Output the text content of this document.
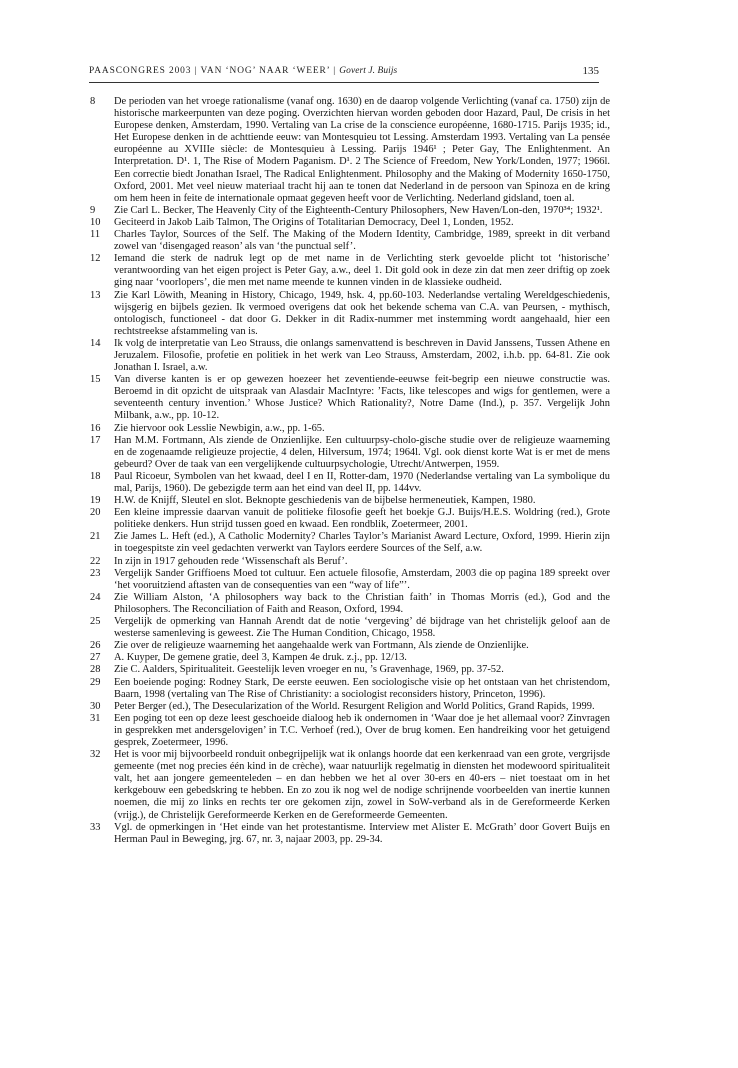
PAASCONGRES 2003 | VAN ‘NOG’ NAAR ‘WEER’ | Govert J. Buijs	135
8 De perioden van het vroege rationalisme (vanaf ong. 1630) en de daarop volgende Verlichting (vanaf ca. 1750) zijn de historische markeerpunten van deze poging. Overzichten hiervan worden geboden door Hazard, Paul, De crisis in het Europese denken, Amsterdam, 1990. Vertaling van La crise de la conscience européenne, 1680-1715. Parijs 1935; id., Het Europese denken in de achttiende eeuw: van Montesquieu tot Lessing. Amsterdam 1993. Vertaling van La pensée européenne au XVIIIe siècle: de Montesquieu à Lessing. Parijs 1946¹ ; Peter Gay, The Enlightenment. An Interpretation. D¹. 1, The Rise of Modern Paganism. D¹. 2 The Science of Freedom, New York/Londen, 1977; 1966l. Een correctie biedt Jonathan Israel, The Radical Enlightenment. Philosophy and the Making of Modernity 1650-1750, Oxford, 2001. Met veel nieuw materiaal tracht hij aan te tonen dat Nederland in de persoon van Spinoza en de kring om hem heen in feite de internationale opmaat gegeven heeft voor de Verlichting. Nederland gidsland, toen al.
9 Zie Carl L. Becker, The Heavenly City of the Eighteenth-Century Philosophers, New Haven/Lon-den, 1970³⁴; 1932¹.
10 Geciteerd in Jakob Laib Talmon, The Origins of Totalitarian Democracy, Deel 1, Londen, 1952.
11 Charles Taylor, Sources of the Self. The Making of the Modern Identity, Cambridge, 1989, spreekt in dit verband zowel van ‘disengaged reason’ als van ‘the punctual self’.
12 Iemand die sterk de nadruk legt op de met name in de Verlichting sterk gevoelde plicht tot ‘historische’ verantwoording van het eigen project is Peter Gay, a.w., deel 1. Dit gold ook in deze zin dat men zeer driftig op zoek ging naar ‘voorlopers’, die men met name meende te kunnen vinden in de klassieke oudheid.
13 Zie Karl Löwith, Meaning in History, Chicago, 1949, hsk. 4, pp.60-103. Nederlandse vertaling Wereldgeschiedenis, wijsgerig en bijbels gezien. Ik vermoed overigens dat ook het bekende schema van C.A. van Peursen, - mythisch, ontologisch, functioneel - dat door G. Dekker in dit Radix-nummer met instemming wordt aangehaald, hier een rechtstreekse afstammeling van is.
14 Ik volg de interpretatie van Leo Strauss, die onlangs samenvattend is beschreven in David Janssens, Tussen Athene en Jeruzalem. Filosofie, profetie en politiek in het werk van Leo Strauss, Amsterdam, 2002, i.h.b. pp. 64-81. Zie ook Jonathan I. Israel, a.w.
15 Van diverse kanten is er op gewezen hoezeer het zeventiende-eeuwse feit-begrip een nieuwe constructie was. Beroemd in dit opzicht de uitspraak van Alasdair MacIntyre: ’Facts, like telescopes and wigs for gentlemen, were a seventeenth century invention.’ Whose Justice? Which Rationality?, Notre Dame (Ind.), p. 357. Vergelijk John Milbank, a.w., pp. 10-12.
16 Zie hiervoor ook Lesslie Newbigin, a.w., pp. 1-65.
17 Han M.M. Fortmann, Als ziende de Onzienlijke. Een cultuurpsy-cholo-gische studie over de religieuze waarneming en de zogenaamde religieuze projectie, 4 delen, Hilversum, 1974; 1964l. Vgl. ook dienst korte Wat is er met de mens gebeurd? Over de taak van een vergelijkende cultuurpsychologie, Utrecht/Antwerpen, 1959.
18 Paul Ricoeur, Symbolen van het kwaad, deel I en II, Rotter-dam, 1970 (Nederlandse vertaling van La symbolique du mal, Parijs, 1960). De gebezigde term aan het eind van deel II, pp. 144vv.
19 H.W. de Knijff, Sleutel en slot. Beknopte geschiedenis van de bijbelse hermeneutiek, Kampen, 1980.
20 Een kleine impressie daarvan vanuit de politieke filosofie geeft het boekje G.J. Buijs/H.E.S. Woldring (red.), Grote politieke denkers. Hun strijd tussen goed en kwaad. Een rondblik, Zoetermeer, 2001.
21 Zie James L. Heft (ed.), A Catholic Modernity? Charles Taylor’s Marianist Award Lecture, Oxford, 1999. Hierin zijn in toegespitste zin veel gedachten verwerkt van Taylors eerdere Sources of the Self, a.w.
22 In zijn in 1917 gehouden rede ‘Wissenschaft als Beruf’.
23 Vergelijk Sander Griffioens Moed tot cultuur. Een actuele filosofie, Amsterdam, 2003 die op pagina 189 spreekt over ‘het vooruitziend aftasten van de consequenties van een “way of life”’.
24 Zie William Alston, ‘A philosophers way back to the Christian faith’ in Thomas Morris (ed.), God and the Philosophers. The Reconciliation of Faith and Reason, Oxford, 1994.
25 Vergelijk de opmerking van Hannah Arendt dat de notie ‘vergeving’ dé bijdrage van het christelijk geloof aan de westerse samenleving is geweest. Zie The Human Condition, Chicago, 1958.
26 Zie over de religieuze waarneming het aangehaalde werk van Fortmann, Als ziende de Onzienlijke.
27 A. Kuyper, De gemene gratie, deel 3, Kampen 4e druk. z.j., pp. 12/13.
28 Zie C. Aalders, Spiritualiteit. Geestelijk leven vroeger en nu, ’s Gravenhage, 1969, pp. 37-52.
29 Een boeiende poging: Rodney Stark, De eerste eeuwen. Een sociologische visie op het ontstaan van het christendom, Baarn, 1998 (vertaling van The Rise of Christianity: a sociologist reconsiders history, Princeton, 1996).
30 Peter Berger (ed.), The Desecularization of the World. Resurgent Religion and World Politics, Grand Rapids, 1999.
31 Een poging tot een op deze leest geschoeide dialoog heb ik ondernomen in ‘Waar doe je het allemaal voor? Zinvragen in gesprekken met andersgelovigen’ in T.C. Verhoef (red.), Over de brug komen. Een handreiking voor het getuigend gesprek, Zoetermeer, 1996.
32 Het is voor mij bijvoorbeeld ronduit onbegrijpelijk wat ik onlangs hoorde dat een kerkenraad van een grote, vergrijsde gemeente (met nog precies één kind in de crèche), waar natuurlijk regelmatig in diensten het modewoord spiritualiteit valt, het aan jongere gemeenteleden – en dan hebben we het al over 30-ers en 40-ers – niet toestaat om in het kerkgebouw een gebedskring te hebben. En zo zou ik nog wel de nodige schrijnende voorbeelden van inertie kunnen noemen, die mij zo links en rechts ter ore gekomen zijn, zowel in SoW-verband als in de Gereformeerde Kerken (vrijg.), de Christelijk Gereformeerde Kerken en de Gereformeerde Gemeenten.
33 Vgl. de opmerkingen in ‘Het einde van het protestantisme. Interview met Alister E. McGrath’ door Govert Buijs en Herman Paul in Beweging, jrg. 67, nr. 3, najaar 2003, pp. 29-34.
